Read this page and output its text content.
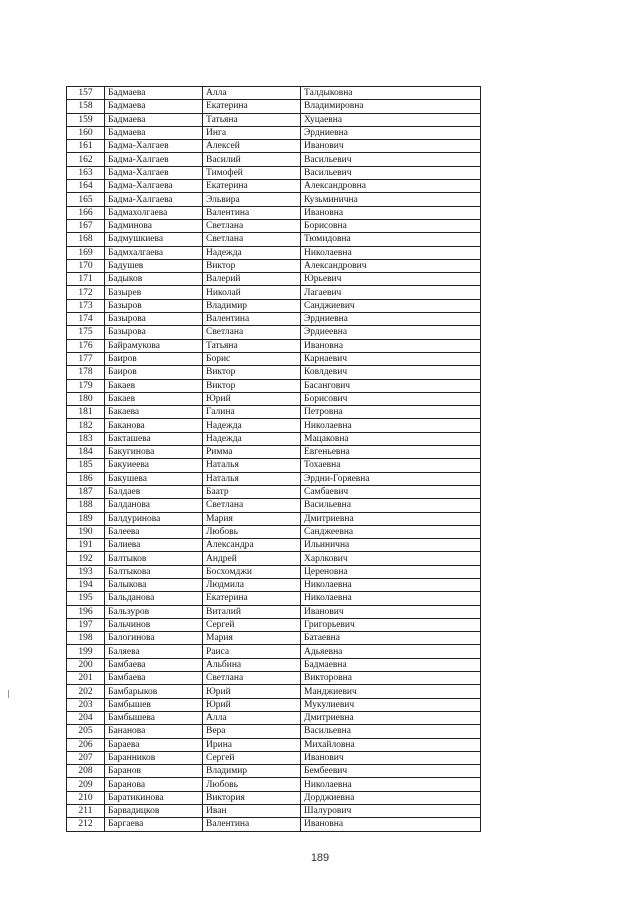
157	Бадмаева	Алла	Талдыковна
158	Бадмаева	Екатерина	Владимировна
159	Бадмаева	Татьяна	Хуцаевна
160	Бадмаева	Инга	Эрдниевна
161	Бадма-Халгаев	Алексей	Иванович
162	Бадма-Халгаев	Василий	Васильевич
163	Бадма-Халгаев	Тимофей	Васильевич
164	Бадма-Халгаева	Екатерина	Александровна
165	Бадма-Халгаева	Эльвира	Кузьминична
166	Бадмахолгаева	Валентина	Ивановна
167	Бадминова	Светлана	Борисовна
168	Бадмушкиева	Светлана	Тюмидовна
169	Бадмхалгаева	Надежда	Николаевна
170	Бадушев	Виктор	Александрович
171	Бадыков	Валерий	Юрьевич
172	Базырев	Николай	Лагаевич
173	Базыров	Владимир	Санджиевич
174	Базырова	Валентина	Эрдниевна
175	Базырова	Светлана	Эрдиеевна
176	Байрамукова	Татьяна	Ивановна
177	Баиров	Борис	Карнаевич
178	Баиров	Виктор	Ковлдевич
179	Бакаев	Виктор	Басангович
180	Бакаев	Юрий	Борисович
181	Бакаева	Галина	Петровна
182	Баканова	Надежда	Николаевна
183	Бакташева	Надежда	Мацаковна
184	Бакугинова	Римма	Евгеньевна
185	Бакуиеева	Наталья	Тохаевна
186	Бакушева	Наталья	Эрдни-Горяевна
187	Балдаев	Баатр	Самбаевич
188	Балданова	Светлана	Васильевна
189	Балдуринова	Мария	Дмитриевна
190	Балеева	Любовь	Санджеевна
191	Балиева	Александра	Ильинична
192	Балтыков	Андрей	Харлкович
193	Балтыкова	Босхомджи	Цереновна
194	Балыкова	Людмила	Николаевна
195	Бальданова	Екатерина	Николаевна
196	Бальзуров	Виталий	Иванович
197	Бальчинов	Сергей	Григорьевич
198	Балогинова	Мария	Батаевна
199	Баляева	Раиса	Адьяевна
200	Бамбаева	Альбина	Бадмаевна
201	Бамбаева	Светлана	Викторовна
202	Бамбарыков	Юрий	Манджиевич
203	Бамбышев	Юрий	Мукулиевич
204	Бамбышева	Алла	Дмитриевна
205	Бананова	Вера	Васильевна
206	Бараева	Ирина	Михайловна
207	Баранников	Сергей	Иванович
208	Баранов	Владимир	Бембеевич
209	Баранова	Любовь	Николаевна
210	Баратикинова	Виктория	Дорджиевна
211	Барвадицков	Иван	Шалурович
212	Баргаева	Валентина	Ивановна
189
